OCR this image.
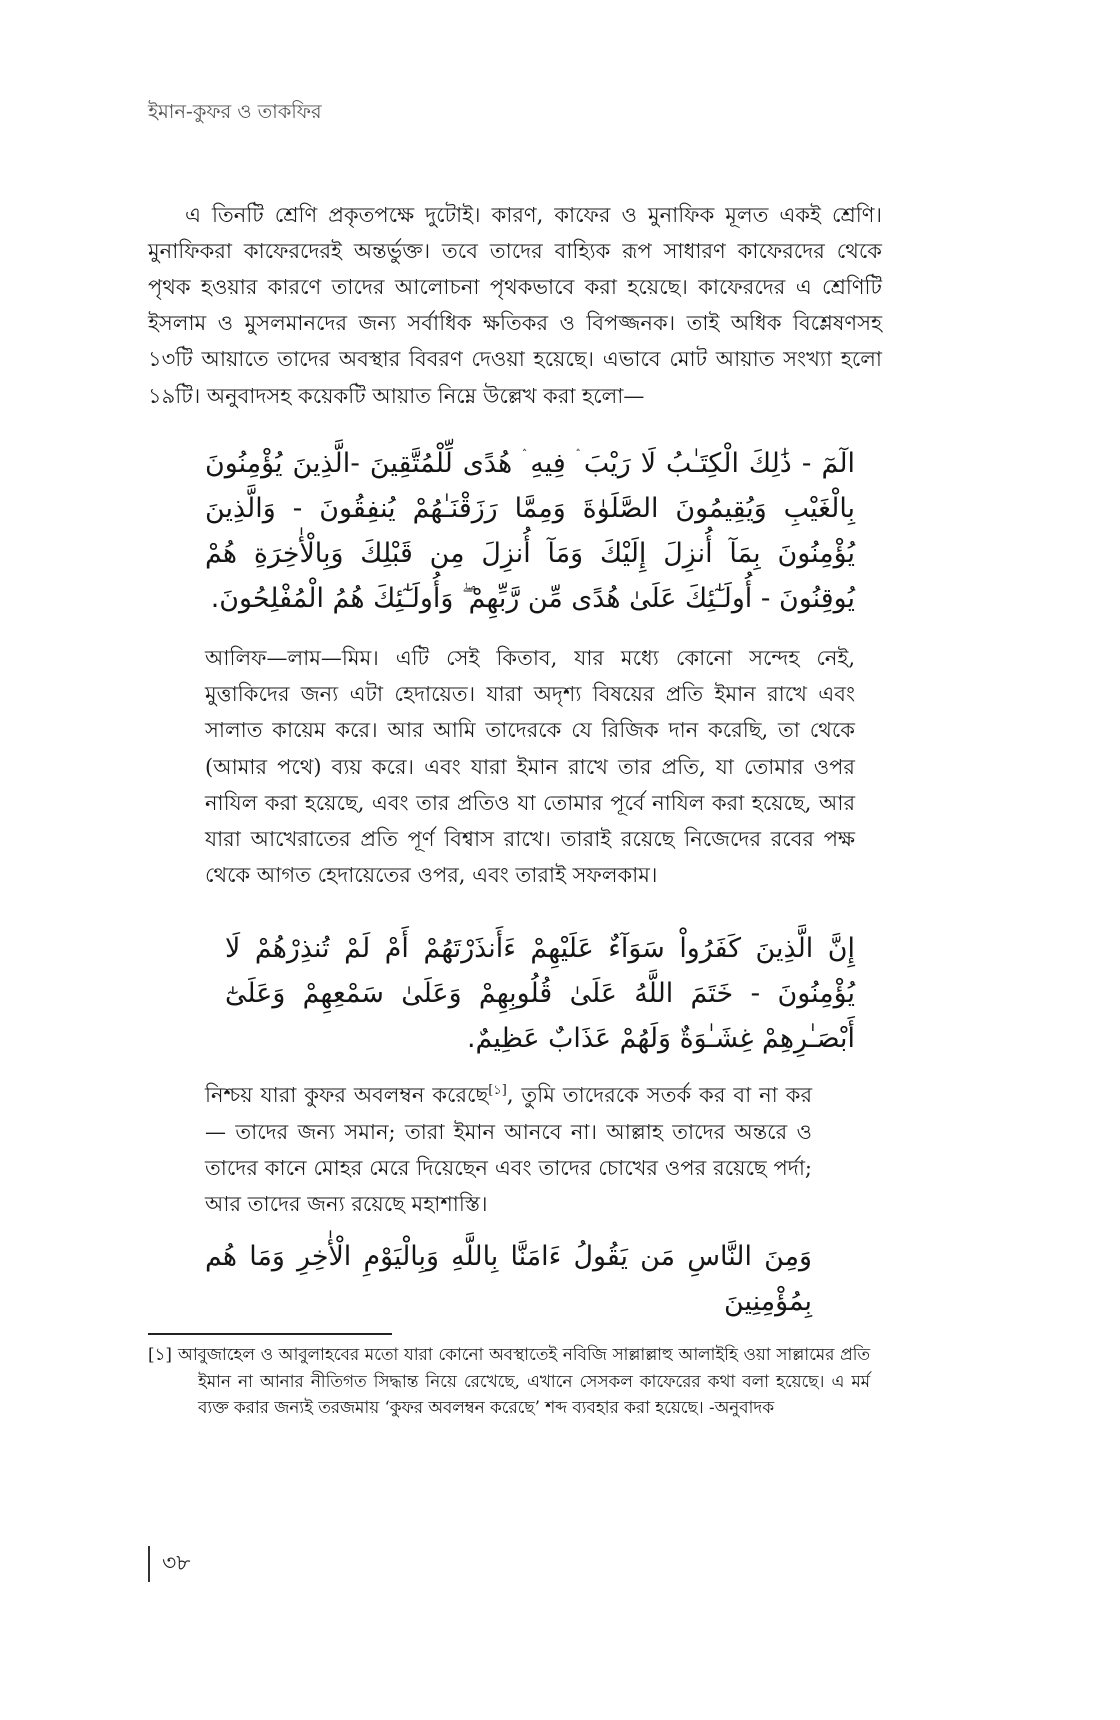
ইমান-কুফর ও তাকফির

এ তিনটি শ্রেণি প্রকৃতপক্ষে দুটোই। কারণ, কাফের ও মুনাফিক মূলত একই শ্রেণি। মুনাফিকরা কাফেরদেরই অন্তর্ভুক্ত। তবে তাদের বাহ্যিক রূপ সাধারণ কাফেরদের থেকে পৃথক হওয়ার কারণে তাদের আলোচনা পৃথকভাবে করা হয়েছে। কাফেরদের এ শ্রেণিটি ইসলাম ও মুসলমানদের জন্য সর্বাধিক ক্ষতিকর ও বিপজ্জনক। তাই অধিক বিশ্লেষণসহ ১৩টি আয়াতে তাদের অবস্থার বিবরণ দেওয়া হয়েছে। এভাবে মোট আয়াত সংখ্যা হলো ১৯টি। অনুবাদসহ কয়েকটি আয়াত নিম্নে উল্লেখ করা হলো—

الٓمٓ - ذَٰلِكَ الْكِتَـٰبُ لَا رَيْبَ ۛ فِيهِ ۛ هُدًى لِّلْمُتَّقِينَ -الَّذِينَ يُؤْمِنُونَ بِالْغَيْبِ وَيُقِيمُونَ الصَّلَوٰةَ وَمِمَّا رَزَقْنَـٰهُمْ يُنفِقُونَ - وَالَّذِينَ يُؤْمِنُونَ بِمَآ أُنزِلَ إِلَيْكَ وَمَآ أُنزِلَ مِن قَبْلِكَ وَبِالْأٰخِرَةِ هُمْ يُوقِنُونَ - أُولَـٰٓئِكَ عَلَىٰ هُدًى مِّن رَّبِّهِمْ ۖ وَأُولَـٰٓئِكَ هُمُ الْمُفْلِحُونَ.

আলিফ—লাম—মিম। এটি সেই কিতাব, যার মধ্যে কোনো সন্দেহ নেই, মুত্তাকিদের জন্য এটা হেদায়েত। যারা অদৃশ্য বিষয়ের প্রতি ইমান রাখে এবং সালাত কায়েম করে। আর আমি তাদেরকে যে রিজিক দান করেছি, তা থেকে (আমার পথে) ব্যয় করে। এবং যারা ইমান রাখে তার প্রতি, যা তোমার ওপর নাযিল করা হয়েছে, এবং তার প্রতিও যা তোমার পূর্বে নাযিল করা হয়েছে, আর যারা আখেরাতের প্রতি পূর্ণ বিশ্বাস রাখে। তারাই রয়েছে নিজেদের রবের পক্ষ থেকে আগত হেদায়েতের ওপর, এবং তারাই সফলকাম।

إِنَّ الَّذِينَ كَفَرُواْ سَوَآءٌ عَلَيْهِمْ ءَأَنذَرْتَهُمْ أَمْ لَمْ تُنذِرْهُمْ لَا يُؤْمِنُونَ - خَتَمَ اللَّهُ عَلَىٰ قُلُوبِهِمْ وَعَلَىٰ سَمْعِهِمْ وَعَلَىٰٓ أَبْصَـٰرِهِمْ غِشَـٰوَةٌ وَلَهُمْ عَذَابٌ عَظِيمٌ.

নিশ্চয় যারা কুফর অবলম্বন করেছে[১], তুমি তাদেরকে সতর্ক কর বা না কর— তাদের জন্য সমান; তারা ইমান আনবে না। আল্লাহ তাদের অন্তরে ও তাদের কানে মোহর মেরে দিয়েছেন এবং তাদের চোখের ওপর রয়েছে পর্দা; আর তাদের জন্য রয়েছে মহাশাস্তি।

وَمِنَ النَّاسِ مَن يَقُولُ ءَامَنَّا بِاللَّهِ وَبِالْيَوْمِ الْأٰخِرِ وَمَا هُم بِمُؤْمِنِينَ

[১] আবুজাহেল ও আবুলাহবের মতো যারা কোনো অবস্থাতেই নবিজি সাল্লাল্লাহু আলাইহি ওয়া সাল্লামের প্রতি ইমান না আনার নীতিগত সিদ্ধান্ত নিয়ে রেখেছে, এখানে সেসকল কাফেরের কথা বলা হয়েছে। এ মর্ম ব্যক্ত করার জন্যই তরজমায় ‘কুফর অবলম্বন করেছে’ শব্দ ব্যবহার করা হয়েছে। -অনুবাদক
৩৮
